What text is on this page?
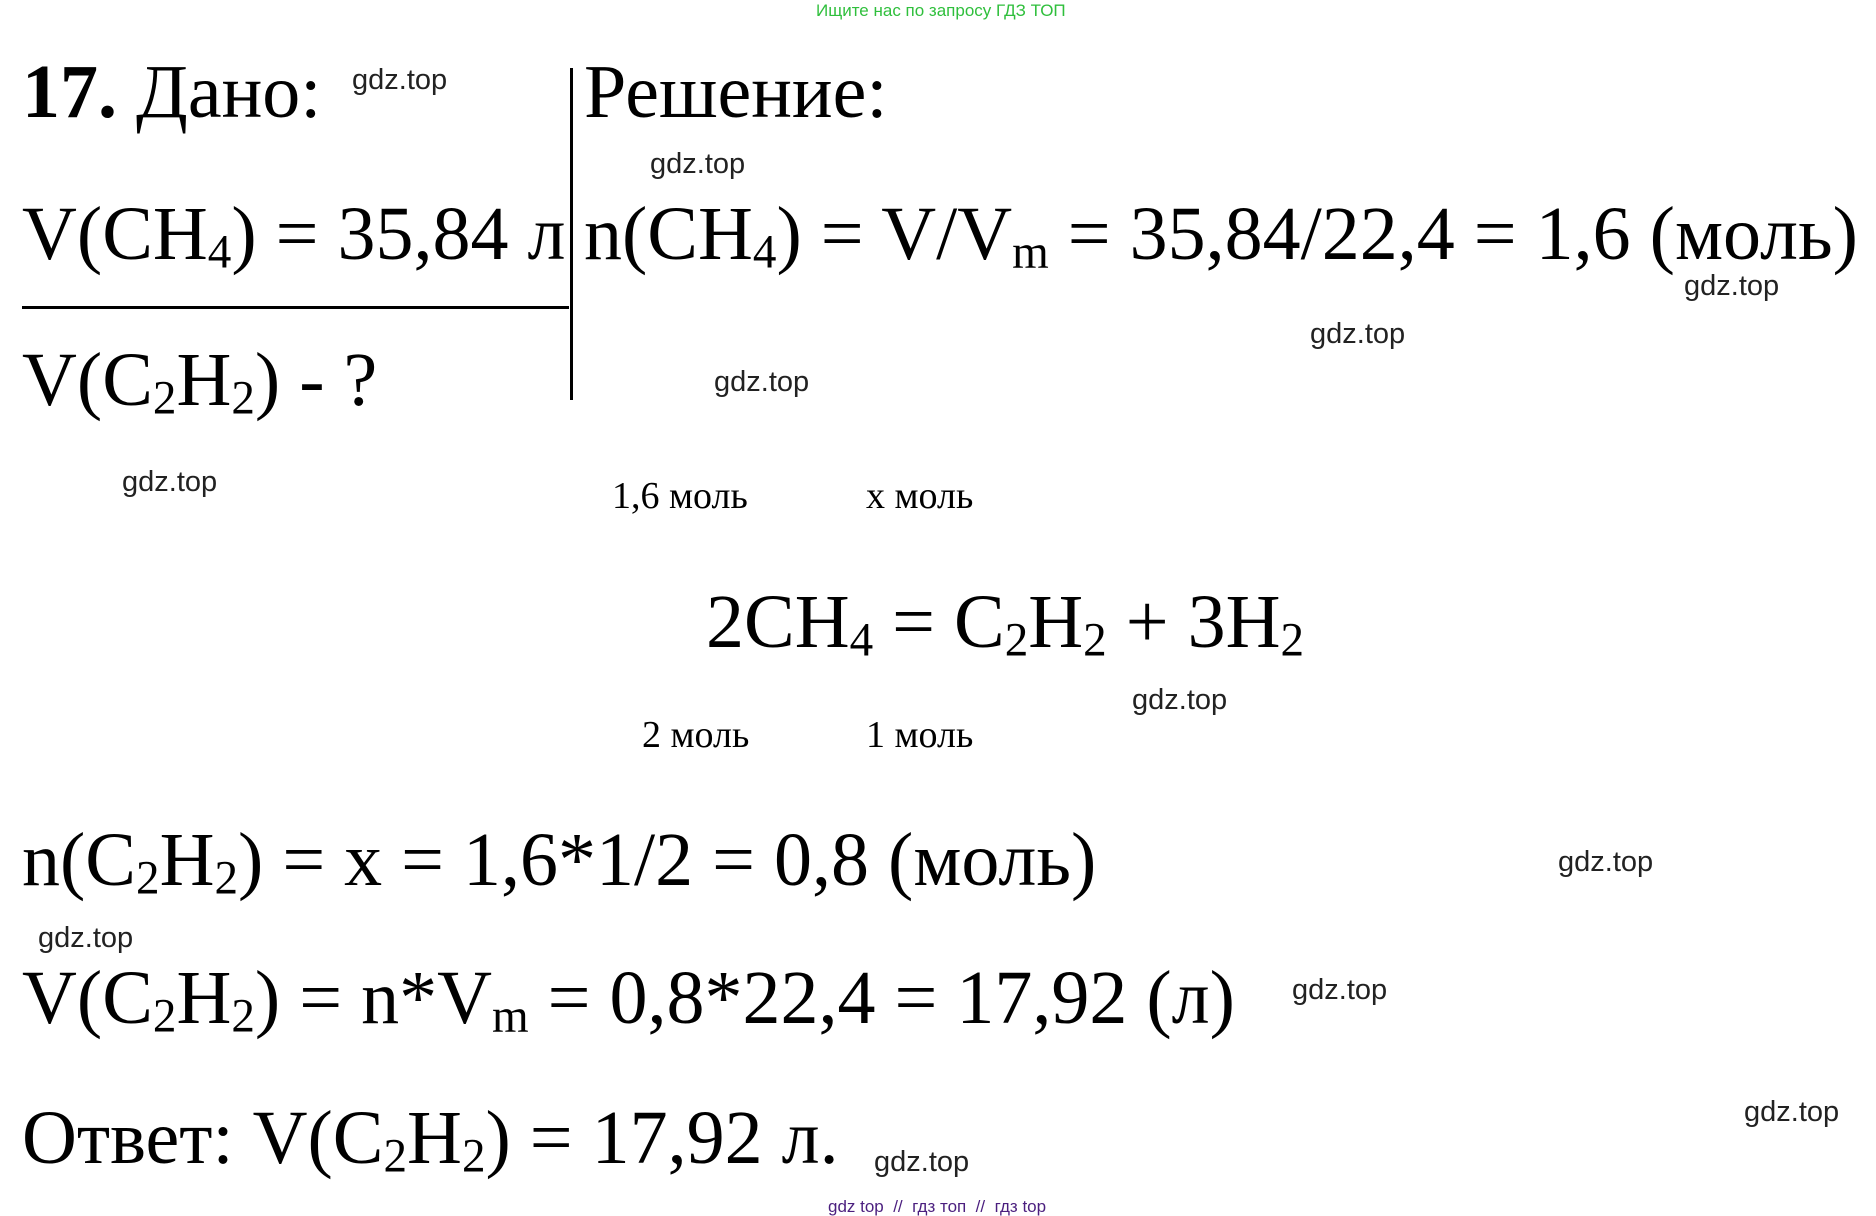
Ищите нас по запросу ГДЗ ТОП
17. Дано:	Решение:
$V(CH_4) = 35,84$ л
$V(C_2H_2)$ - ?
$n(CH_4) = V/V_m = 35,84/22,4 = 1,6$ (моль)
1,6 моль	x моль
$2CH_4 = C_2H_2 + 3H_2$
2 моль	1 моль
$n(C_2H_2) = x = 1,6*1/2 = 0,8$ (моль)
$V(C_2H_2) = n*V_m = 0,8*22,4 = 17,92$ (л)
Ответ: $V(C_2H_2) = 17,92$ л.
gdz.top
gdz.top
gdz.top
gdz.top
gdz.top
gdz.top
gdz.top
gdz.top
gdz.top
gdz.top
gdz.top
gdz.top
gdz top  //  гдз топ  //  гдз top
